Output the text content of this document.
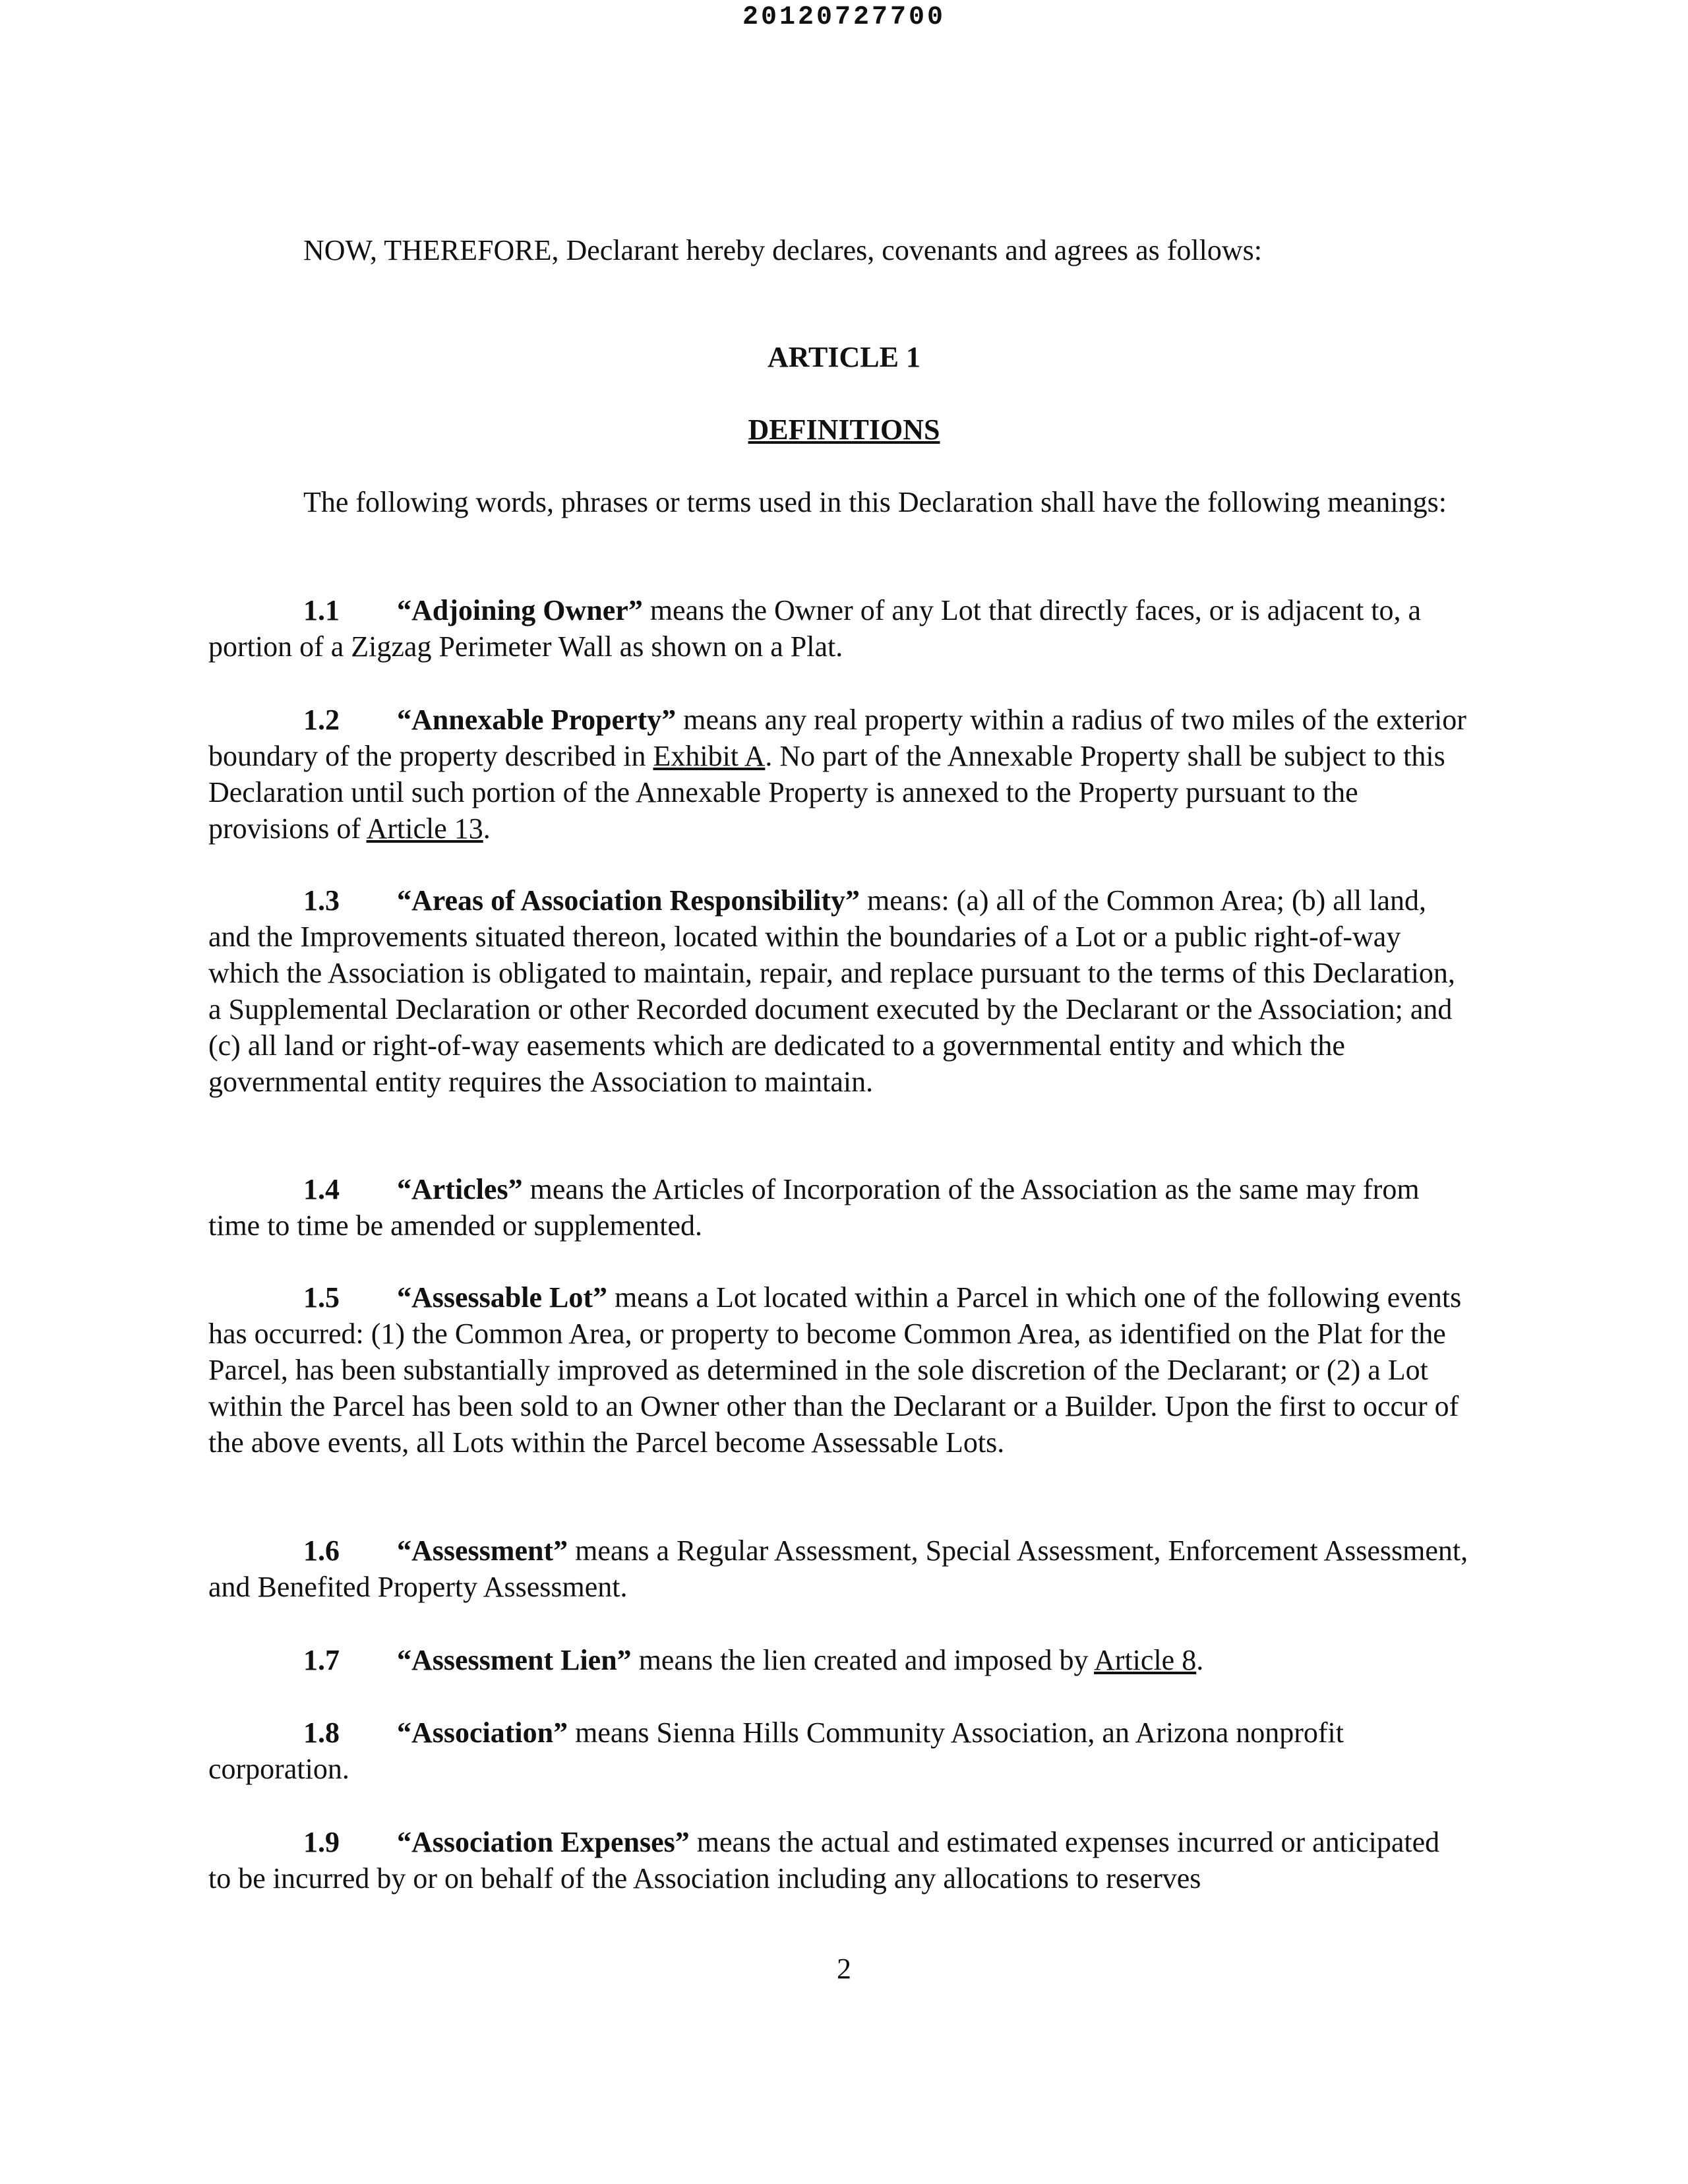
20120727700

NOW, THEREFORE, Declarant hereby declares, covenants and agrees as follows:

ARTICLE 1
DEFINITIONS

The following words, phrases or terms used in this Declaration shall have the following meanings:

1.1 “Adjoining Owner” means the Owner of any Lot that directly faces, or is adjacent to, a portion of a Zigzag Perimeter Wall as shown on a Plat.

1.2 “Annexable Property” means any real property within a radius of two miles of the exterior boundary of the property described in Exhibit A. No part of the Annexable Property shall be subject to this Declaration until such portion of the Annexable Property is annexed to the Property pursuant to the provisions of Article 13.

1.3 “Areas of Association Responsibility” means: (a) all of the Common Area; (b) all land, and the Improvements situated thereon, located within the boundaries of a Lot or a public right-of-way which the Association is obligated to maintain, repair, and replace pursuant to the terms of this Declaration, a Supplemental Declaration or other Recorded document executed by the Declarant or the Association; and (c) all land or right-of-way easements which are dedicated to a governmental entity and which the governmental entity requires the Association to maintain.

1.4 “Articles” means the Articles of Incorporation of the Association as the same may from time to time be amended or supplemented.

1.5 “Assessable Lot” means a Lot located within a Parcel in which one of the following events has occurred: (1) the Common Area, or property to become Common Area, as identified on the Plat for the Parcel, has been substantially improved as determined in the sole discretion of the Declarant; or (2) a Lot within the Parcel has been sold to an Owner other than the Declarant or a Builder. Upon the first to occur of the above events, all Lots within the Parcel become Assessable Lots.

1.6 “Assessment” means a Regular Assessment, Special Assessment, Enforcement Assessment, and Benefited Property Assessment.

1.7 “Assessment Lien” means the lien created and imposed by Article 8.

1.8 “Association” means Sienna Hills Community Association, an Arizona nonprofit corporation.

1.9 “Association Expenses” means the actual and estimated expenses incurred or anticipated to be incurred by or on behalf of the Association including any allocations to reserves

2
